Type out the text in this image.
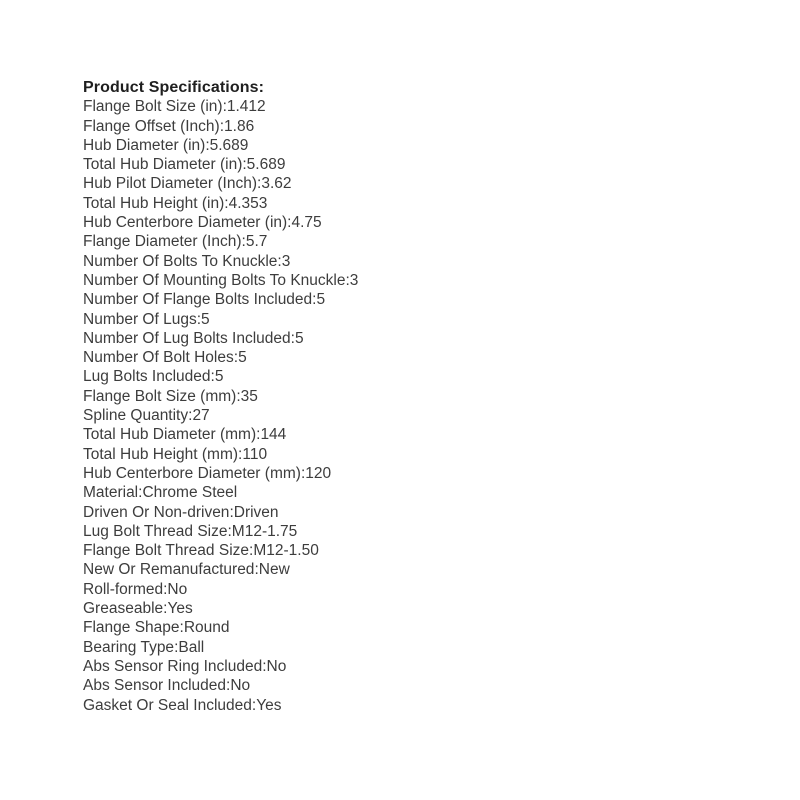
Product Specifications:
Flange Bolt Size (in):1.412
Flange Offset (Inch):1.86
Hub Diameter (in):5.689
Total Hub Diameter (in):5.689
Hub Pilot Diameter (Inch):3.62
Total Hub Height (in):4.353
Hub Centerbore Diameter (in):4.75
Flange Diameter (Inch):5.7
Number Of Bolts To Knuckle:3
Number Of Mounting Bolts To Knuckle:3
Number Of Flange Bolts Included:5
Number Of Lugs:5
Number Of Lug Bolts Included:5
Number Of Bolt Holes:5
Lug Bolts Included:5
Flange Bolt Size (mm):35
Spline Quantity:27
Total Hub Diameter (mm):144
Total Hub Height (mm):110
Hub Centerbore Diameter (mm):120
Material:Chrome Steel
Driven Or Non-driven:Driven
Lug Bolt Thread Size:M12-1.75
Flange Bolt Thread Size:M12-1.50
New Or Remanufactured:New
Roll-formed:No
Greaseable:Yes
Flange Shape:Round
Bearing Type:Ball
Abs Sensor Ring Included:No
Abs Sensor Included:No
Gasket Or Seal Included:Yes
